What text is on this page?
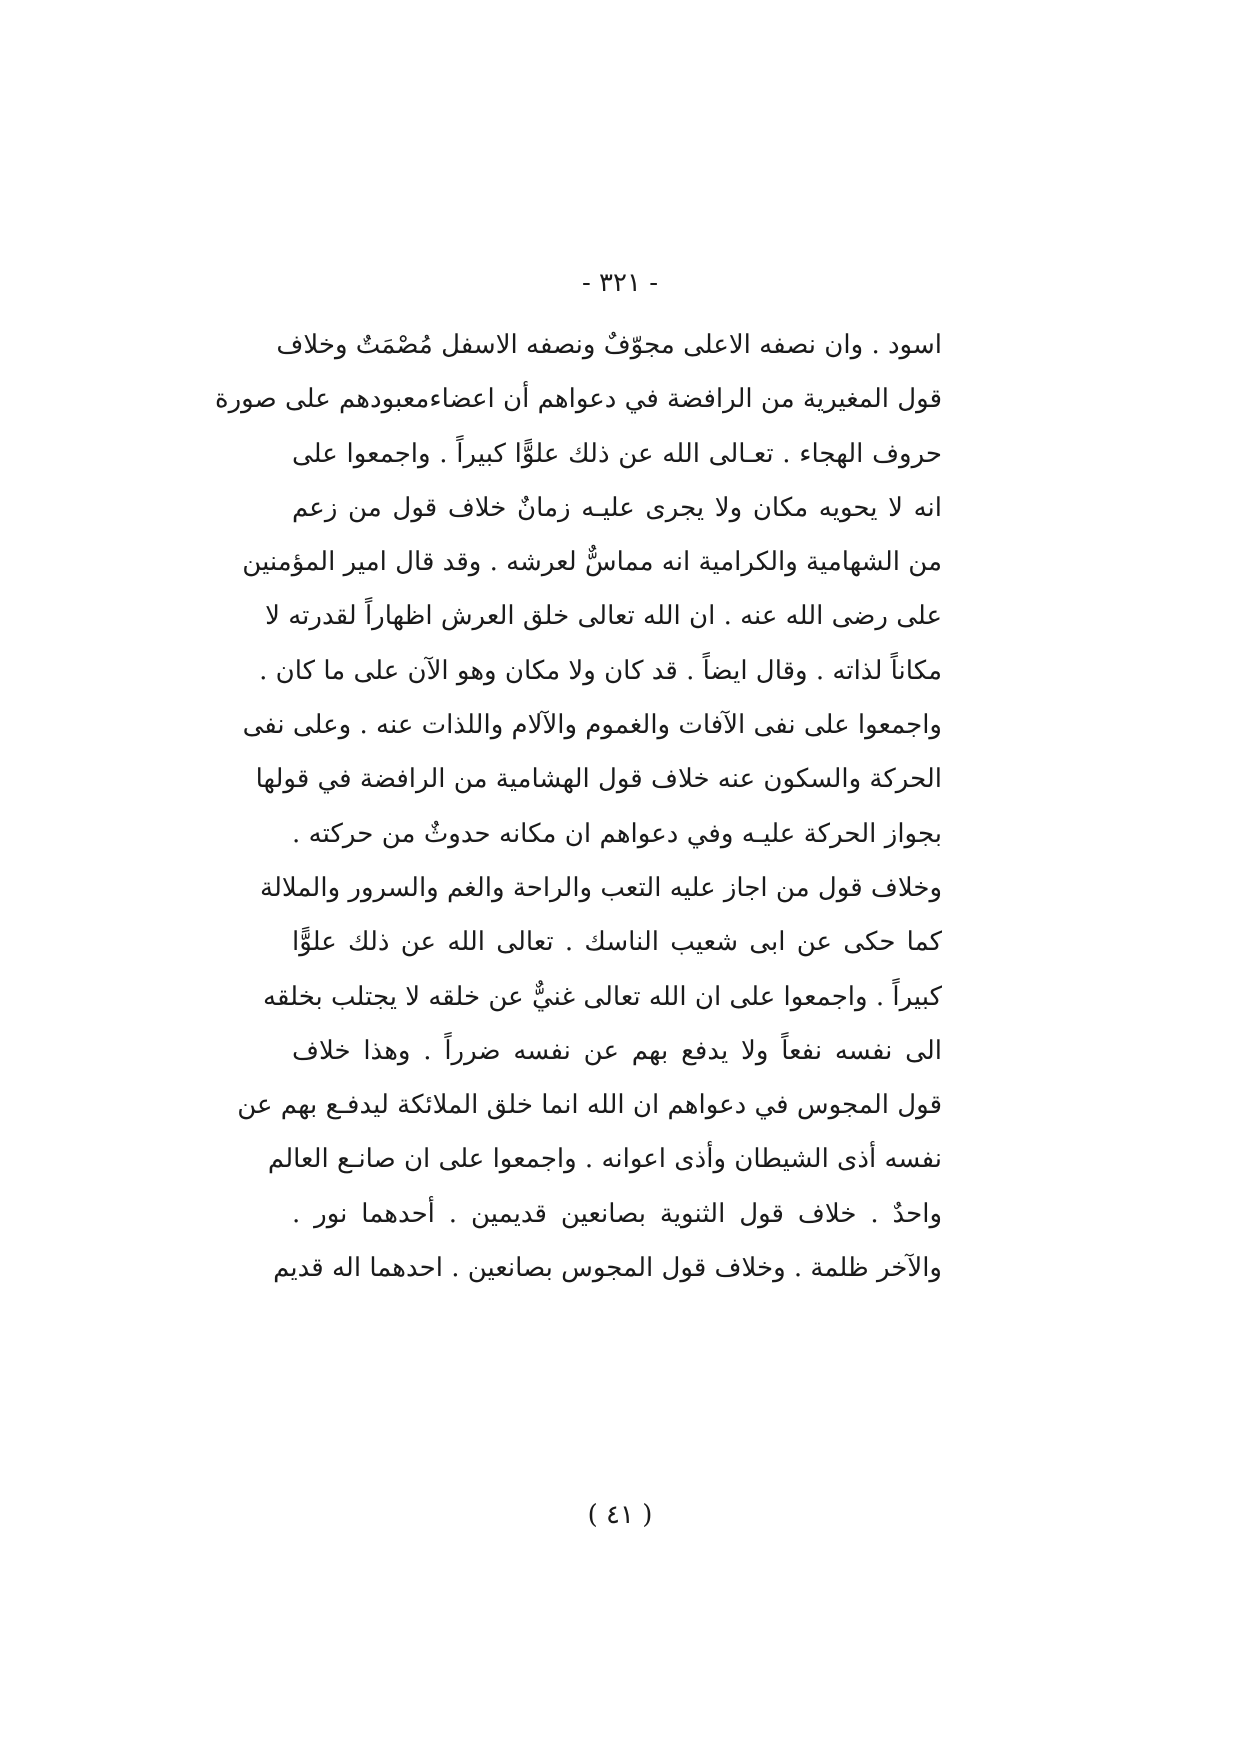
- ٣٢١ -
اسود . وان نصفه الاعلى مجوّفٌ ونصفه الاسفل مُصْمَتٌ وخلاف
قول المغيرية من الرافضة في دعواهم أن اعضاءمعبودهم على صورة
حروف الهجاء . تعـالى الله عن ذلك علوًّا كبيراً . واجمعوا على
انه لا يحويه مكان ولا يجرى عليـه زمانٌ خلاف قول من زعم
من الشهامية والكرامية انه مماسٌّ لعرشه . وقد قال امير المؤمنين
على رضى الله عنه . ان الله تعالى خلق العرش اظهاراً لقدرته لا
مكاناً لذاته . وقال ايضاً . قد كان ولا مكان وهو الآن على ما كان .
واجمعوا على نفى الآفات والغموم والآلام واللذات عنه . وعلى نفى
الحركة والسكون عنه خلاف قول الهشامية من الرافضة في قولها
بجواز الحركة عليـه وفي دعواهم ان مكانه حدوثٌ من حركته .
وخلاف قول من اجاز عليه التعب والراحة والغم والسرور والملالة
كما حكى عن ابى شعيب الناسك . تعالى الله عن ذلك علوًّا
كبيراً . واجمعوا على ان الله تعالى غنيٌّ عن خلقه لا يجتلب بخلقه
الى نفسه نفعاً ولا يدفع بهم عن نفسه ضرراً . وهذا خلاف
قول المجوس في دعواهم ان الله انما خلق الملائكة ليدفـع بهم عن
نفسه أذى الشيطان وأذى اعوانه . واجمعوا على ان صانـع العالم
واحدٌ . خلاف قول الثنوية بصانعين قديمين . أحدهما نور .
والآخر ظلمة . وخلاف قول المجوس بصانعين . احدهما اله قديم
( ٤١ )
